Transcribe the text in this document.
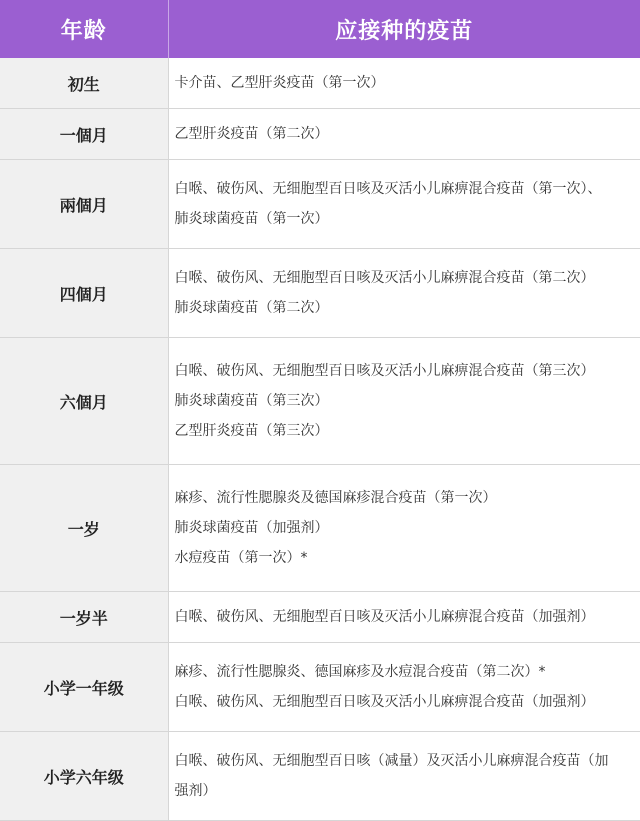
年龄	应接种的疫苗
初生	卡介苗、乙型肝炎疫苗（第一次）

一個月	乙型肝炎疫苗（第二次）

兩個月	白喉、破伤风、无细胞型百日咳及灭活小儿麻痹混合疫苗（第一次）、
肺炎球菌疫苗（第一次）

四個月	白喉、破伤风、无细胞型百日咳及灭活小儿麻痹混合疫苗（第二次）
肺炎球菌疫苗（第二次）

六個月	白喉、破伤风、无细胞型百日咳及灭活小儿麻痹混合疫苗（第三次）
肺炎球菌疫苗（第三次）
乙型肝炎疫苗（第三次）

一岁	麻疹、流行性腮腺炎及德国麻疹混合疫苗（第一次）
肺炎球菌疫苗（加强剂）
水痘疫苗（第一次）*

一岁半	白喉、破伤风、无细胞型百日咳及灭活小儿麻痹混合疫苗（加强剂）

小学一年级	麻疹、流行性腮腺炎、德国麻疹及水痘混合疫苗（第二次）*
白喉、破伤风、无细胞型百日咳及灭活小儿麻痹混合疫苗（加强剂）

小学六年级	白喉、破伤风、无细胞型百日咳（减量）及灭活小儿麻痹混合疫苗（加
强剂）
